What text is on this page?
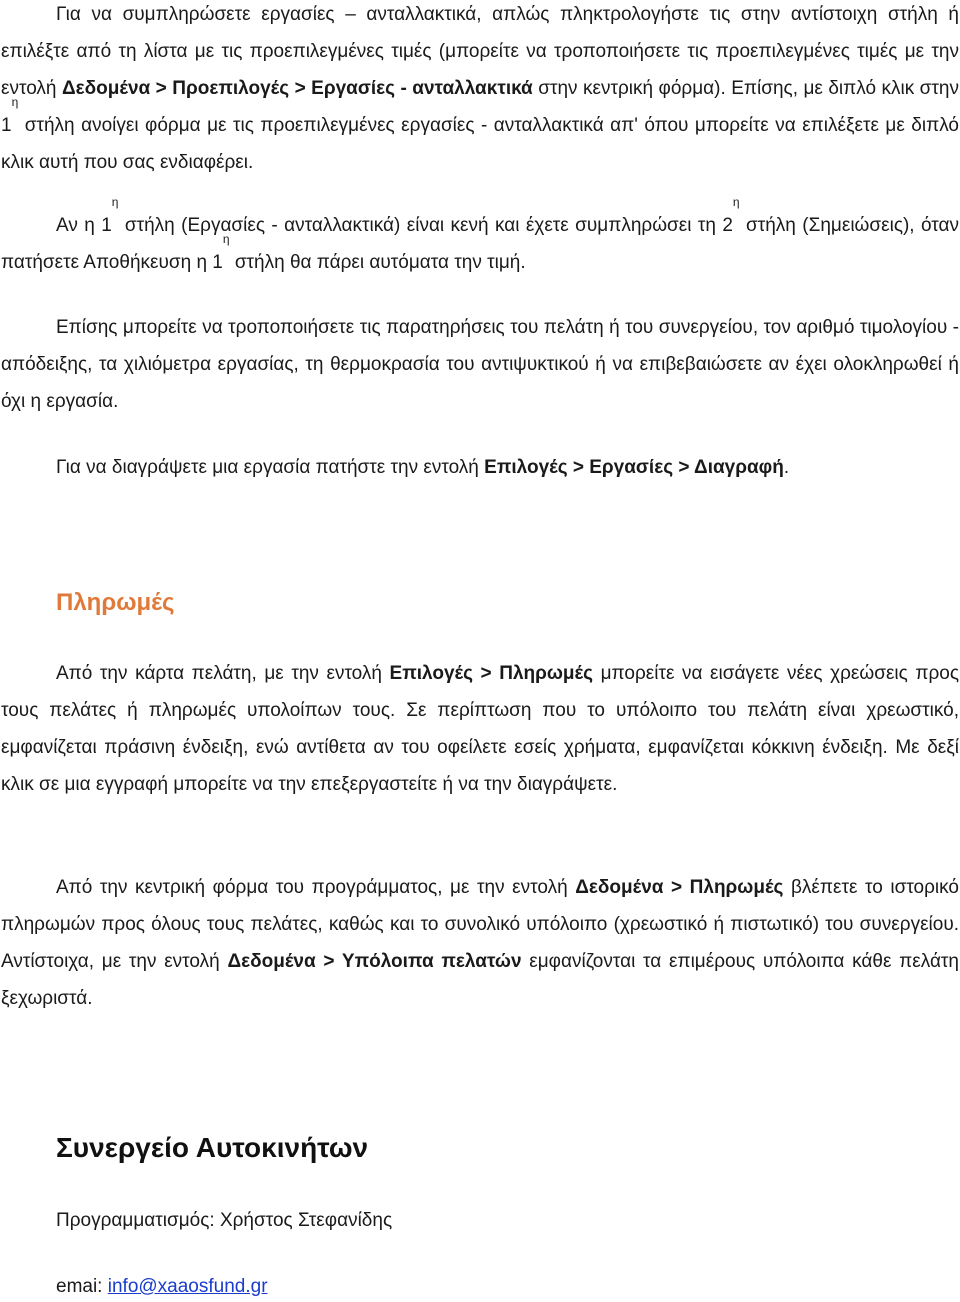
Για να συμπληρώσετε εργασίες – ανταλλακτικά, απλώς πληκτρολογήστε τις στην αντίστοιχη στήλη ή επιλέξτε από τη λίστα με τις προεπιλεγμένες τιμές (μπορείτε να τροποποιήσετε τις προεπιλεγμένες τιμές με την εντολή Δεδομένα > Προεπιλογές > Εργασίες - ανταλλακτικά στην κεντρική φόρμα). Επίσης, με διπλό κλικ στην $1^\eta$ στήλη ανοίγει φόρμα με τις προεπιλεγμένες εργασίες - ανταλλακτικά απ' όπου μπορείτε να επιλέξετε με διπλό κλικ αυτή που σας ενδιαφέρει.

Αν η $1^\eta$ στήλη (Εργασίες - ανταλλακτικά) είναι κενή και έχετε συμπληρώσει τη $2^\eta$ στήλη (Σημειώσεις), όταν πατήσετε Αποθήκευση η $1^\eta$ στήλη θα πάρει αυτόματα την τιμή.

Επίσης μπορείτε να τροποποιήσετε τις παρατηρήσεις του πελάτη ή του συνεργείου, τον αριθμό τιμολογίου - απόδειξης, τα χιλιόμετρα εργασίας, τη θερμοκρασία του αντιψυκτικού ή να επιβεβαιώσετε αν έχει ολοκληρωθεί ή όχι η εργασία.

Για να διαγράψετε μια εργασία πατήστε την εντολή Επιλογές > Εργασίες > Διαγραφή.

Πληρωμές

Από την κάρτα πελάτη, με την εντολή Επιλογές > Πληρωμές μπορείτε να εισάγετε νέες χρεώσεις προς τους πελάτες ή πληρωμές υπολοίπων τους. Σε περίπτωση που το υπόλοιπο του πελάτη είναι χρεωστικό, εμφανίζεται πράσινη ένδειξη, ενώ αντίθετα αν του οφείλετε εσείς χρήματα, εμφανίζεται κόκκινη ένδειξη. Με δεξί κλικ σε μια εγγραφή μπορείτε να την επεξεργαστείτε ή να την διαγράψετε.

Από την κεντρική φόρμα του προγράμματος, με την εντολή Δεδομένα > Πληρωμές βλέπετε το ιστορικό πληρωμών προς όλους τους πελάτες, καθώς και το συνολικό υπόλοιπο (χρεωστικό ή πιστωτικό) του συνεργείου. Αντίστοιχα, με την εντολή Δεδομένα > Υπόλοιπα πελατών εμφανίζονται τα επιμέρους υπόλοιπα κάθε πελάτη ξεχωριστά.

Συνεργείο Αυτοκινήτων

Προγραμματισμός: Χρήστος Στεφανίδης

emai: info@xaaosfund.gr
